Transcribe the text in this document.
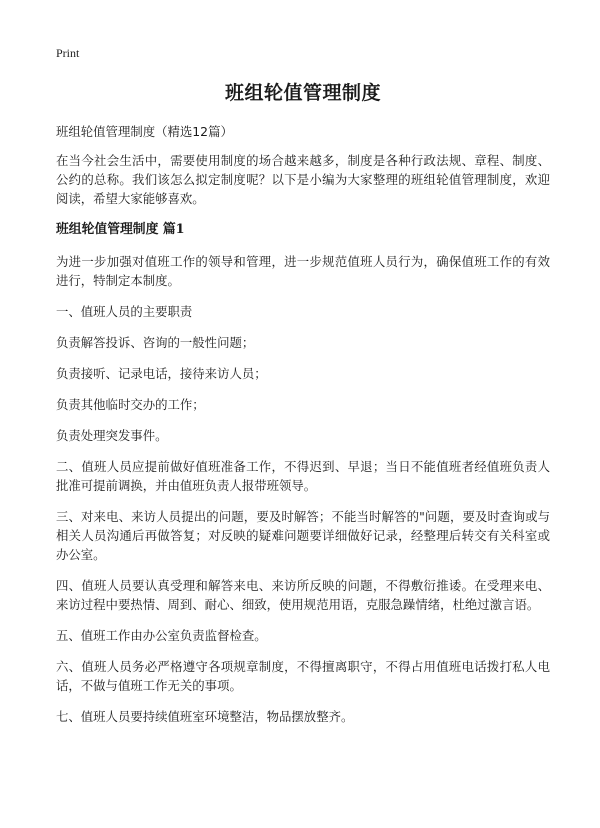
Print
班组轮值管理制度
班组轮值管理制度（精选12篇）
在当今社会生活中，需要使用制度的场合越来越多，制度是各种行政法规、章程、制度、公约的总称。我们该怎么拟定制度呢？以下是小编为大家整理的班组轮值管理制度，欢迎阅读，希望大家能够喜欢。
班组轮值管理制度 篇1
为进一步加强对值班工作的领导和管理，进一步规范值班人员行为，确保值班工作的有效进行，特制定本制度。
一、值班人员的主要职责
负责解答投诉、咨询的一般性问题；
负责接听、记录电话，接待来访人员；
负责其他临时交办的工作；
负责处理突发事件。
二、值班人员应提前做好值班准备工作，不得迟到、早退；当日不能值班者经值班负责人批准可提前调换，并由值班负责人报带班领导。
三、对来电、来访人员提出的问题，要及时解答；不能当时解答的"问题，要及时查询或与相关人员沟通后再做答复；对反映的疑难问题要详细做好记录，经整理后转交有关科室或办公室。
四、值班人员要认真受理和解答来电、来访所反映的问题，不得敷衍推诿。在受理来电、来访过程中要热情、周到、耐心、细致，使用规范用语，克服急躁情绪，杜绝过激言语。
五、值班工作由办公室负责监督检查。
六、值班人员务必严格遵守各项规章制度，不得擅离职守，不得占用值班电话拨打私人电话，不做与值班工作无关的事项。
七、值班人员要持续值班室环境整洁，物品摆放整齐。
